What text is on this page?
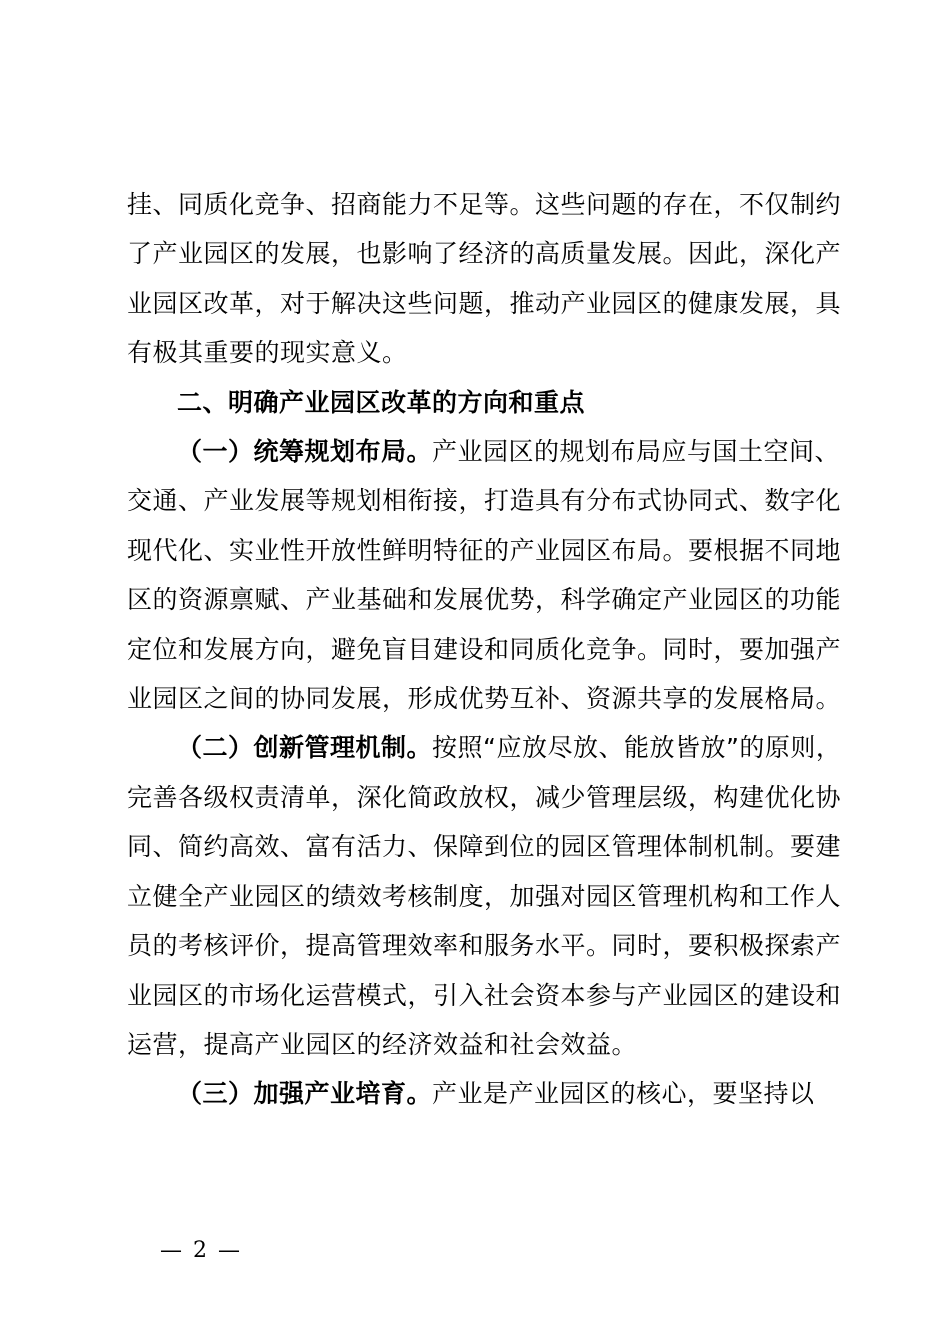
挂、同质化竞争、招商能力不足等。这些问题的存在，不仅制约了产业园区的发展，也影响了经济的高质量发展。因此，深化产业园区改革，对于解决这些问题，推动产业园区的健康发展，具有极其重要的现实意义。

二、明确产业园区改革的方向和重点

（一）统筹规划布局。产业园区的规划布局应与国土空间、交通、产业发展等规划相衔接，打造具有分布式协同式、数字化现代化、实业性开放性鲜明特征的产业园区布局。要根据不同地区的资源禀赋、产业基础和发展优势，科学确定产业园区的功能定位和发展方向，避免盲目建设和同质化竞争。同时，要加强产业园区之间的协同发展，形成优势互补、资源共享的发展格局。

（二）创新管理机制。按照“应放尽放、能放皆放”的原则，完善各级权责清单，深化简政放权，减少管理层级，构建优化协同、简约高效、富有活力、保障到位的园区管理体制机制。要建立健全产业园区的绩效考核制度，加强对园区管理机构和工作人员的考核评价，提高管理效率和服务水平。同时，要积极探索产业园区的市场化运营模式，引入社会资本参与产业园区的建设和运营，提高产业园区的经济效益和社会效益。

（三）加强产业培育。产业是产业园区的核心，要坚持以

— 2 —
